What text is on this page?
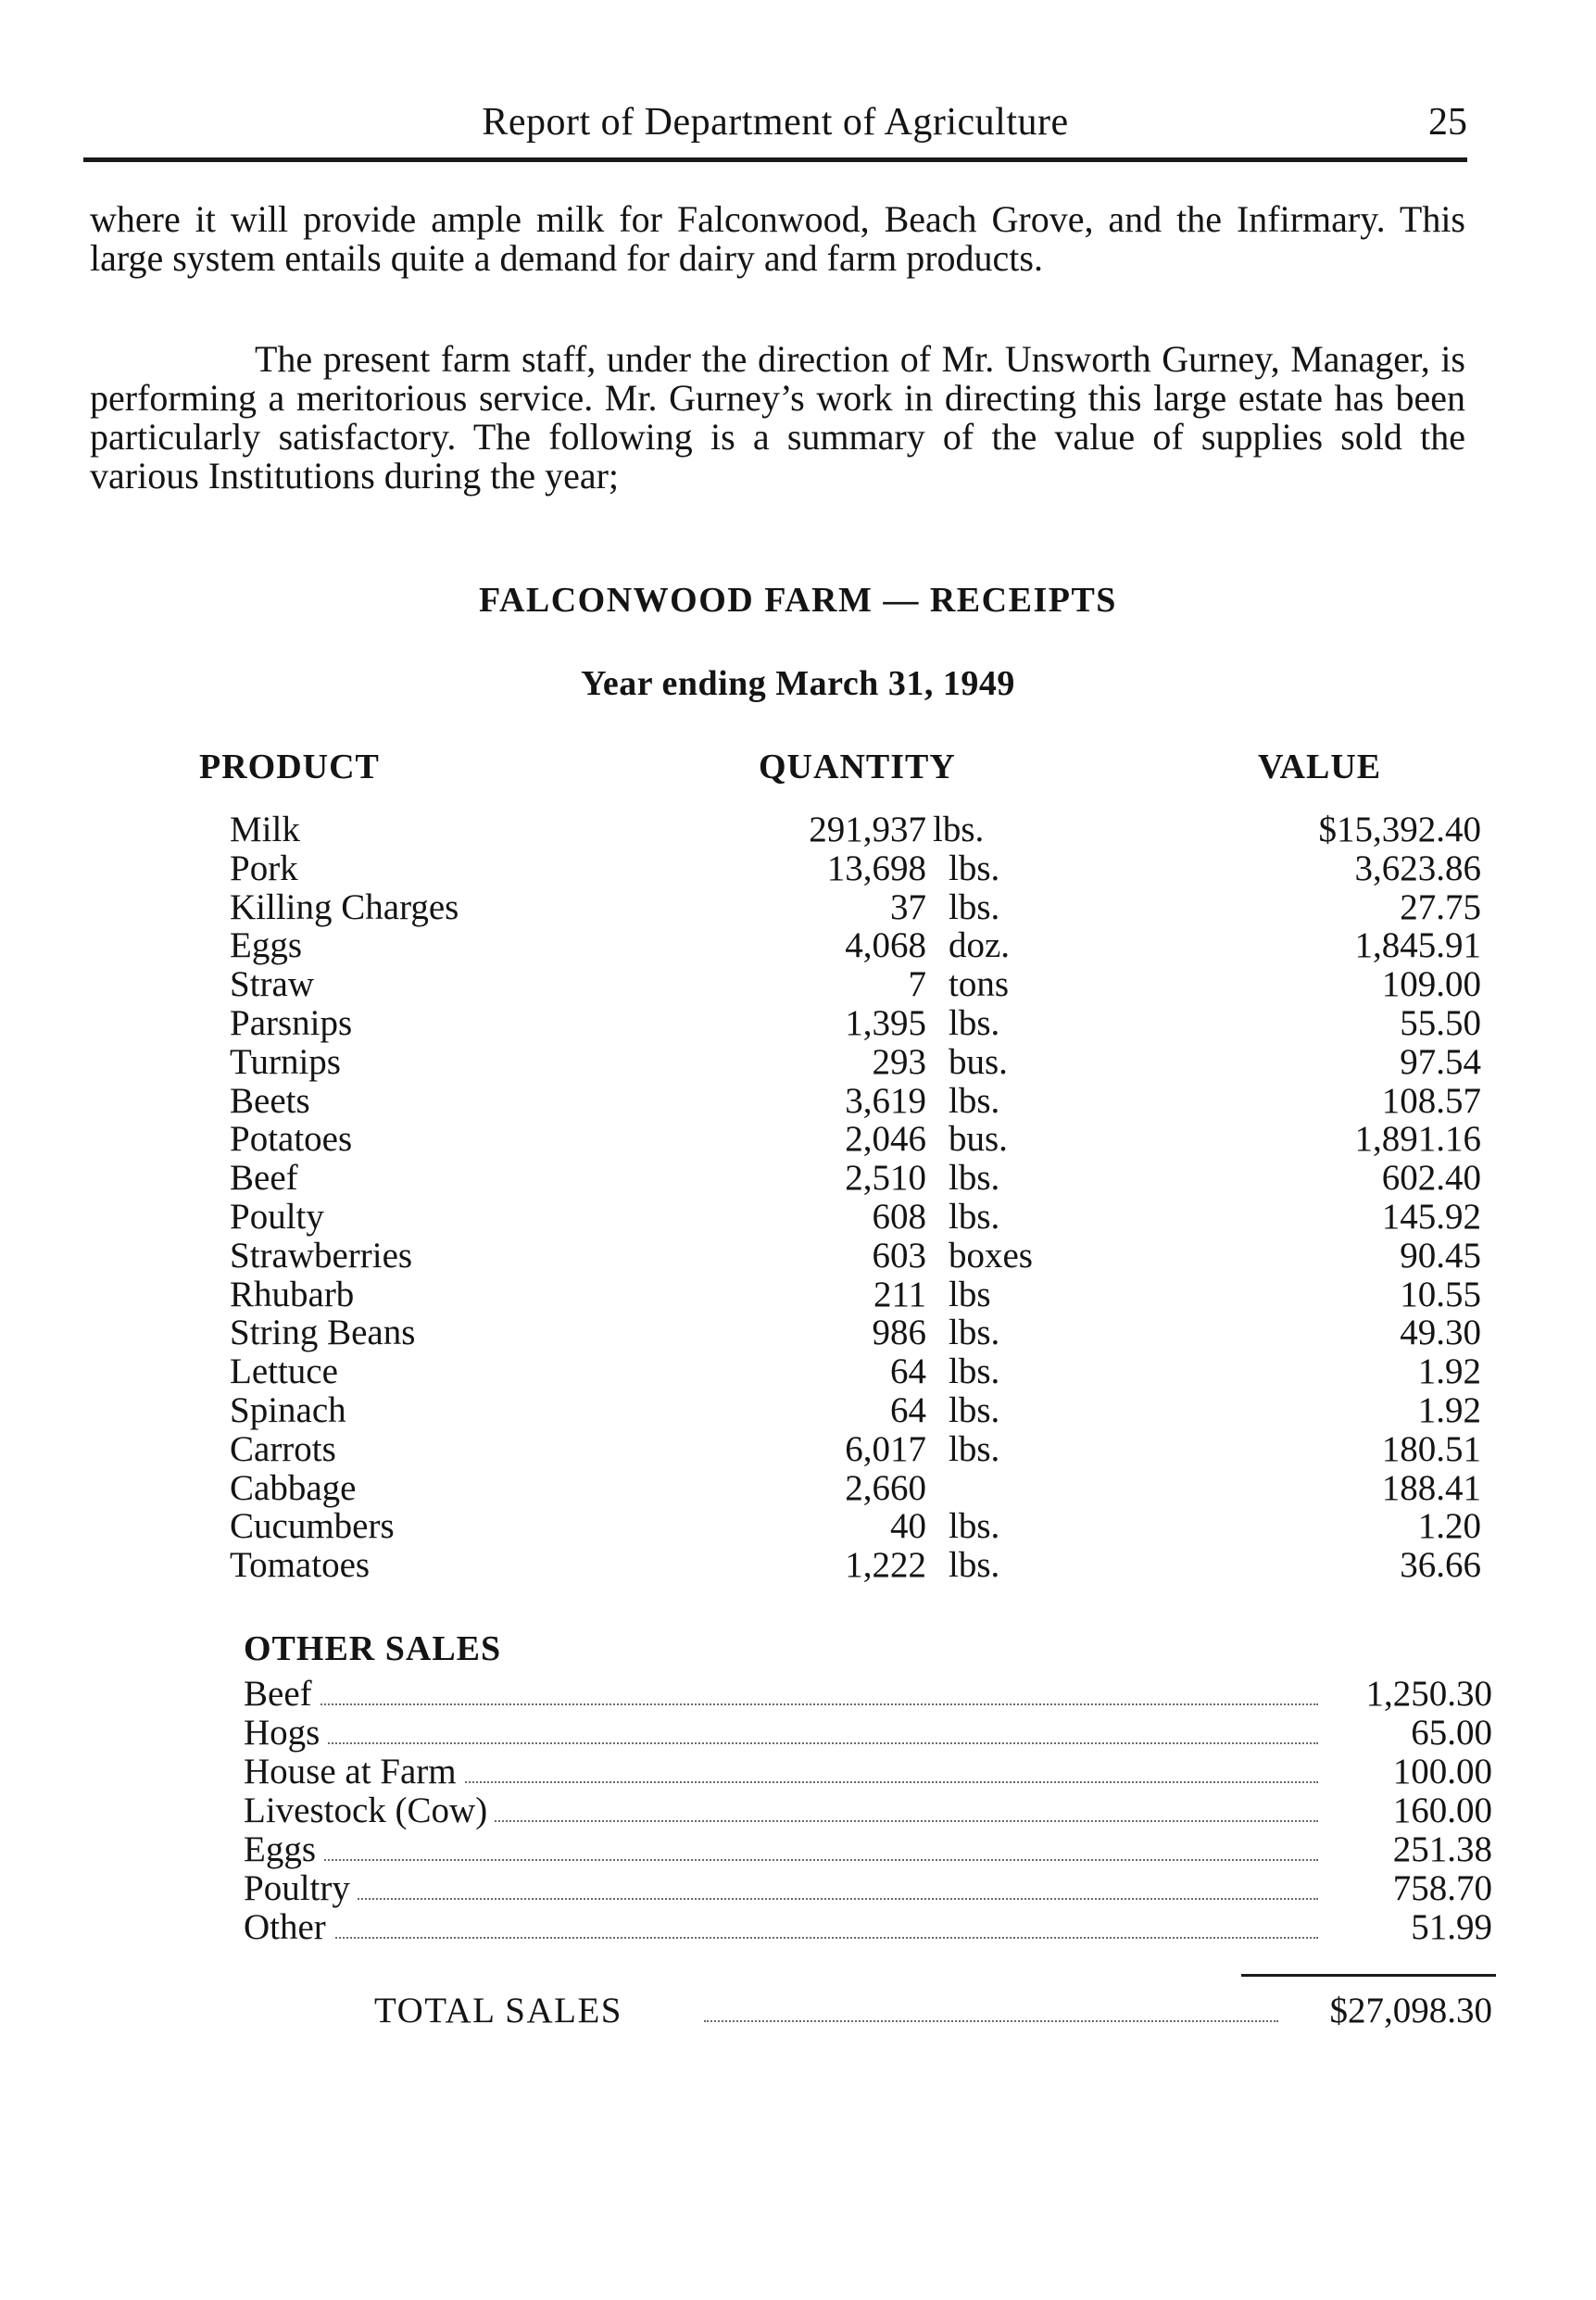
Report of Department of Agriculture	25
where it will provide ample milk for Falconwood, Beach Grove, and the Infirmary. This large system entails quite a demand for dairy and farm products.
The present farm staff, under the direction of Mr. Unsworth Gurney, Manager, is performing a meritorious service. Mr. Gurney’s work in directing this large estate has been particularly satisfactory. The following is a summary of the value of supplies sold the various Institutions during the year;
FALCONWOOD FARM — RECEIPTS
Year ending March 31, 1949
PRODUCT	QUANTITY	VALUE
Milk	291,937 lbs.	$15,392.40
Pork	13,698 lbs.	3,623.86
Killing Charges	37 lbs.	27.75
Eggs	4,068 doz.	1,845.91
Straw	7 tons	109.00
Parsnips	1,395 lbs.	55.50
Turnips	293 bus.	97.54
Beets	3,619 lbs.	108.57
Potatoes	2,046 bus.	1,891.16
Beef	2,510 lbs.	602.40
Poulty	608 lbs.	145.92
Strawberries	603 boxes	90.45
Rhubarb	211 lbs	10.55
String Beans	986 lbs.	49.30
Lettuce	64 lbs.	1.92
Spinach	64 lbs.	1.92
Carrots	6,017 lbs.	180.51
Cabbage	2,660	188.41
Cucumbers	40 lbs.	1.20
Tomatoes	1,222 lbs.	36.66
OTHER SALES
Beef	1,250.30
Hogs	65.00
House at Farm	100.00
Livestock (Cow)	160.00
Eggs	251.38
Poultry	758.70
Other	51.99
TOTAL SALES	$27,098.30
